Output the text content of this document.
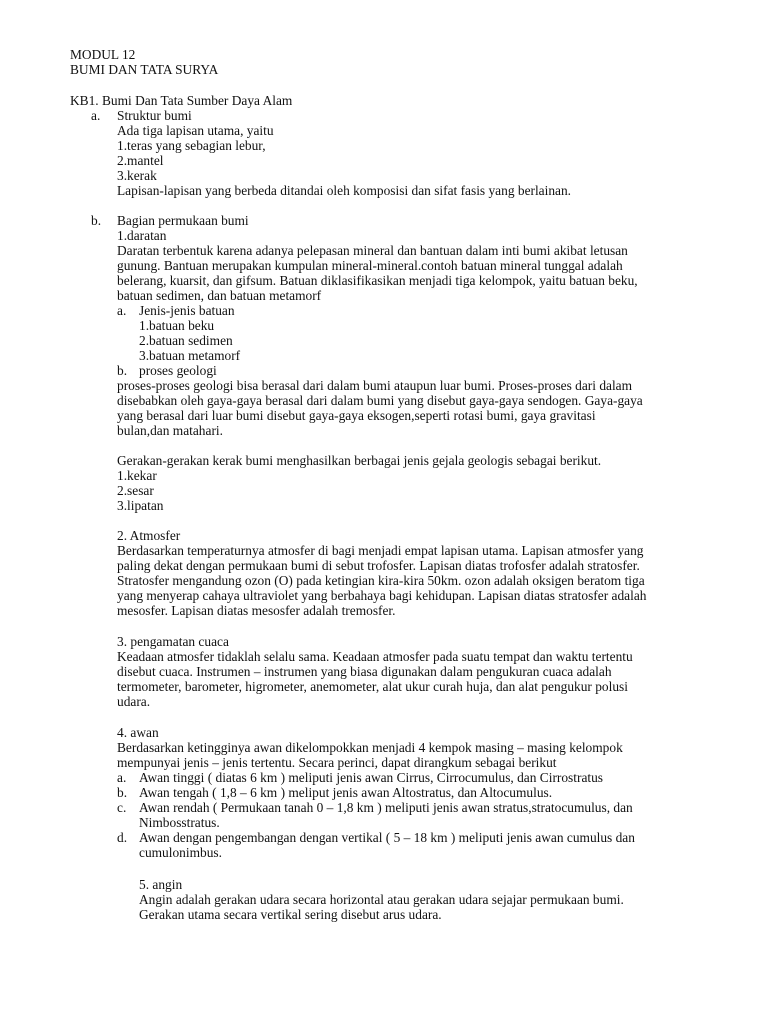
MODUL 12
BUMI DAN TATA SURYA
KB1. Bumi Dan Tata Sumber Daya Alam
a. Struktur bumi
Ada tiga lapisan utama, yaitu
1.teras yang sebagian lebur,
2.mantel
3.kerak
Lapisan-lapisan yang berbeda ditandai oleh komposisi dan sifat fasis yang berlainan.
b. Bagian permukaan bumi
1.daratan
Daratan terbentuk karena adanya pelepasan mineral dan bantuan dalam inti bumi akibat letusan
gunung. Bantuan merupakan kumpulan mineral-mineral.contoh batuan mineral tunggal adalah
belerang, kuarsit, dan gifsum. Batuan diklasifikasikan menjadi tiga kelompok, yaitu batuan beku,
batuan sedimen, dan batuan metamorf
a. Jenis-jenis batuan
1.batuan beku
2.batuan sedimen
3.batuan metamorf
b. proses geologi
proses-proses geologi bisa berasal dari dalam bumi ataupun luar bumi. Proses-proses dari dalam
disebabkan oleh gaya-gaya berasal dari dalam bumi yang disebut gaya-gaya sendogen. Gaya-gaya
yang berasal dari luar bumi disebut gaya-gaya eksogen,seperti rotasi bumi, gaya gravitasi
bulan,dan matahari.
Gerakan-gerakan kerak bumi menghasilkan berbagai jenis gejala geologis sebagai berikut.
1.kekar
2.sesar
3.lipatan
2. Atmosfer
Berdasarkan temperaturnya atmosfer di bagi menjadi empat lapisan utama. Lapisan atmosfer yang
paling dekat dengan permukaan bumi di sebut trofosfer. Lapisan diatas trofosfer adalah stratosfer.
Stratosfer mengandung ozon (O) pada ketingian kira-kira 50km. ozon adalah oksigen beratom tiga
yang menyerap cahaya ultraviolet yang berbahaya bagi kehidupan. Lapisan diatas stratosfer adalah
mesosfer. Lapisan diatas mesosfer adalah tremosfer.
3. pengamatan cuaca
Keadaan atmosfer tidaklah selalu sama. Keadaan atmosfer pada suatu tempat dan waktu tertentu
disebut cuaca. Instrumen – instrumen yang biasa digunakan dalam pengukuran cuaca adalah
termometer, barometer, higrometer, anemometer, alat ukur curah huja, dan alat pengukur polusi
udara.
4. awan
Berdasarkan ketingginya awan dikelompokkan menjadi 4 kempok masing – masing kelompok
mempunyai jenis – jenis tertentu. Secara perinci, dapat dirangkum sebagai berikut
a. Awan tinggi ( diatas 6 km ) meliputi jenis awan Cirrus, Cirrocumulus, dan Cirrostratus
b. Awan tengah ( 1,8 – 6 km ) meliput jenis awan Altostratus, dan Altocumulus.
c. Awan rendah ( Permukaan tanah 0 – 1,8 km ) meliputi jenis awan stratus,stratocumulus, dan
Nimbosstratus.
d. Awan dengan pengembangan dengan vertikal ( 5 – 18 km ) meliputi jenis awan cumulus dan
cumulonimbus.
5. angin
Angin adalah gerakan udara secara horizontal atau gerakan udara sejajar permukaan bumi.
Gerakan utama secara vertikal sering disebut arus udara.
